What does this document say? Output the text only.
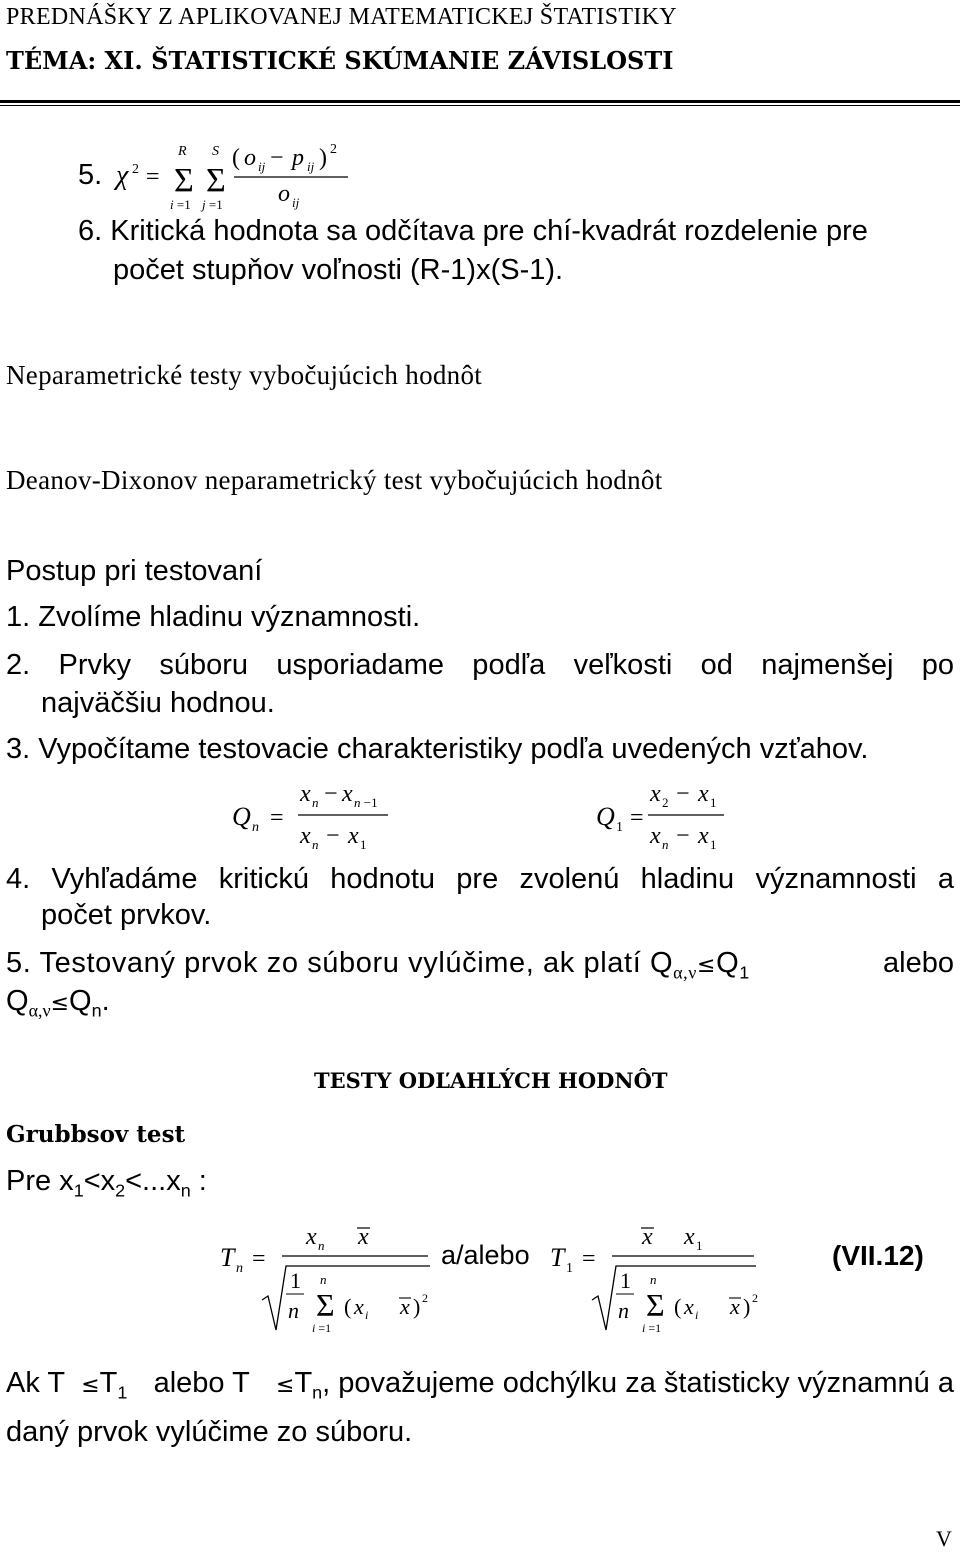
PREDNÁŠKY Z APLIKOVANEJ MATEMATICKEJ ŠTATISTIKY
TÉMA: XI. ŠTATISTICKÉ SKÚMANIE ZÁVISLOSTI
5. χ 2 =
R
Σ
i =1
S
Σ
j =1
( o ij − p ij ) 2
o ij
6. Kritická hodnota sa odčítava pre chí-kvadrát rozdelenie pre
počet stupňov voľnosti (R-1)x(S-1).
Neparametrické testy vybočujúcich hodnôt
Deanov-Dixonov neparametrický test vybočujúcich hodnôt
Postup pri testovaní
1. Zvolíme hladinu významnosti.
2. Prvky súboru usporiadame podľa veľkosti od najmenšej po
najväčšiu hodnou.
3. Vypočítame testovacie charakteristiky podľa uvedených vzťahov.
Q n =
x n − x n −1
x n − x 1
Q 1 =
x 2 − x 1
x n − x 1
4. Vyhľadáme kritickú hodnotu pre zvolenú hladinu významnosti a
počet prvkov.
5. Testovaný prvok zo súboru vylúčime, ak platí $Q_{\alpha,\nu}\le Q_1$	alebo
$Q_{\alpha,\nu}\le Q_n$.
TESTY ODĽAHLÝCH HODNÔT
Grubbsov test
Pre $x_1<x_2<...x_n$ :
T n =
x n x
1
n Σ
n
i =1
( x i x ) 2
a/alebo T 1 =
x x 1
1
n Σ
n
i =1
( x i x ) 2
(VII.12)
Ak $T \le T_1$ alebo $T \le T_n$, považujeme odchýlku za štatisticky významnú a
daný prvok vylúčime zo súboru.
V
